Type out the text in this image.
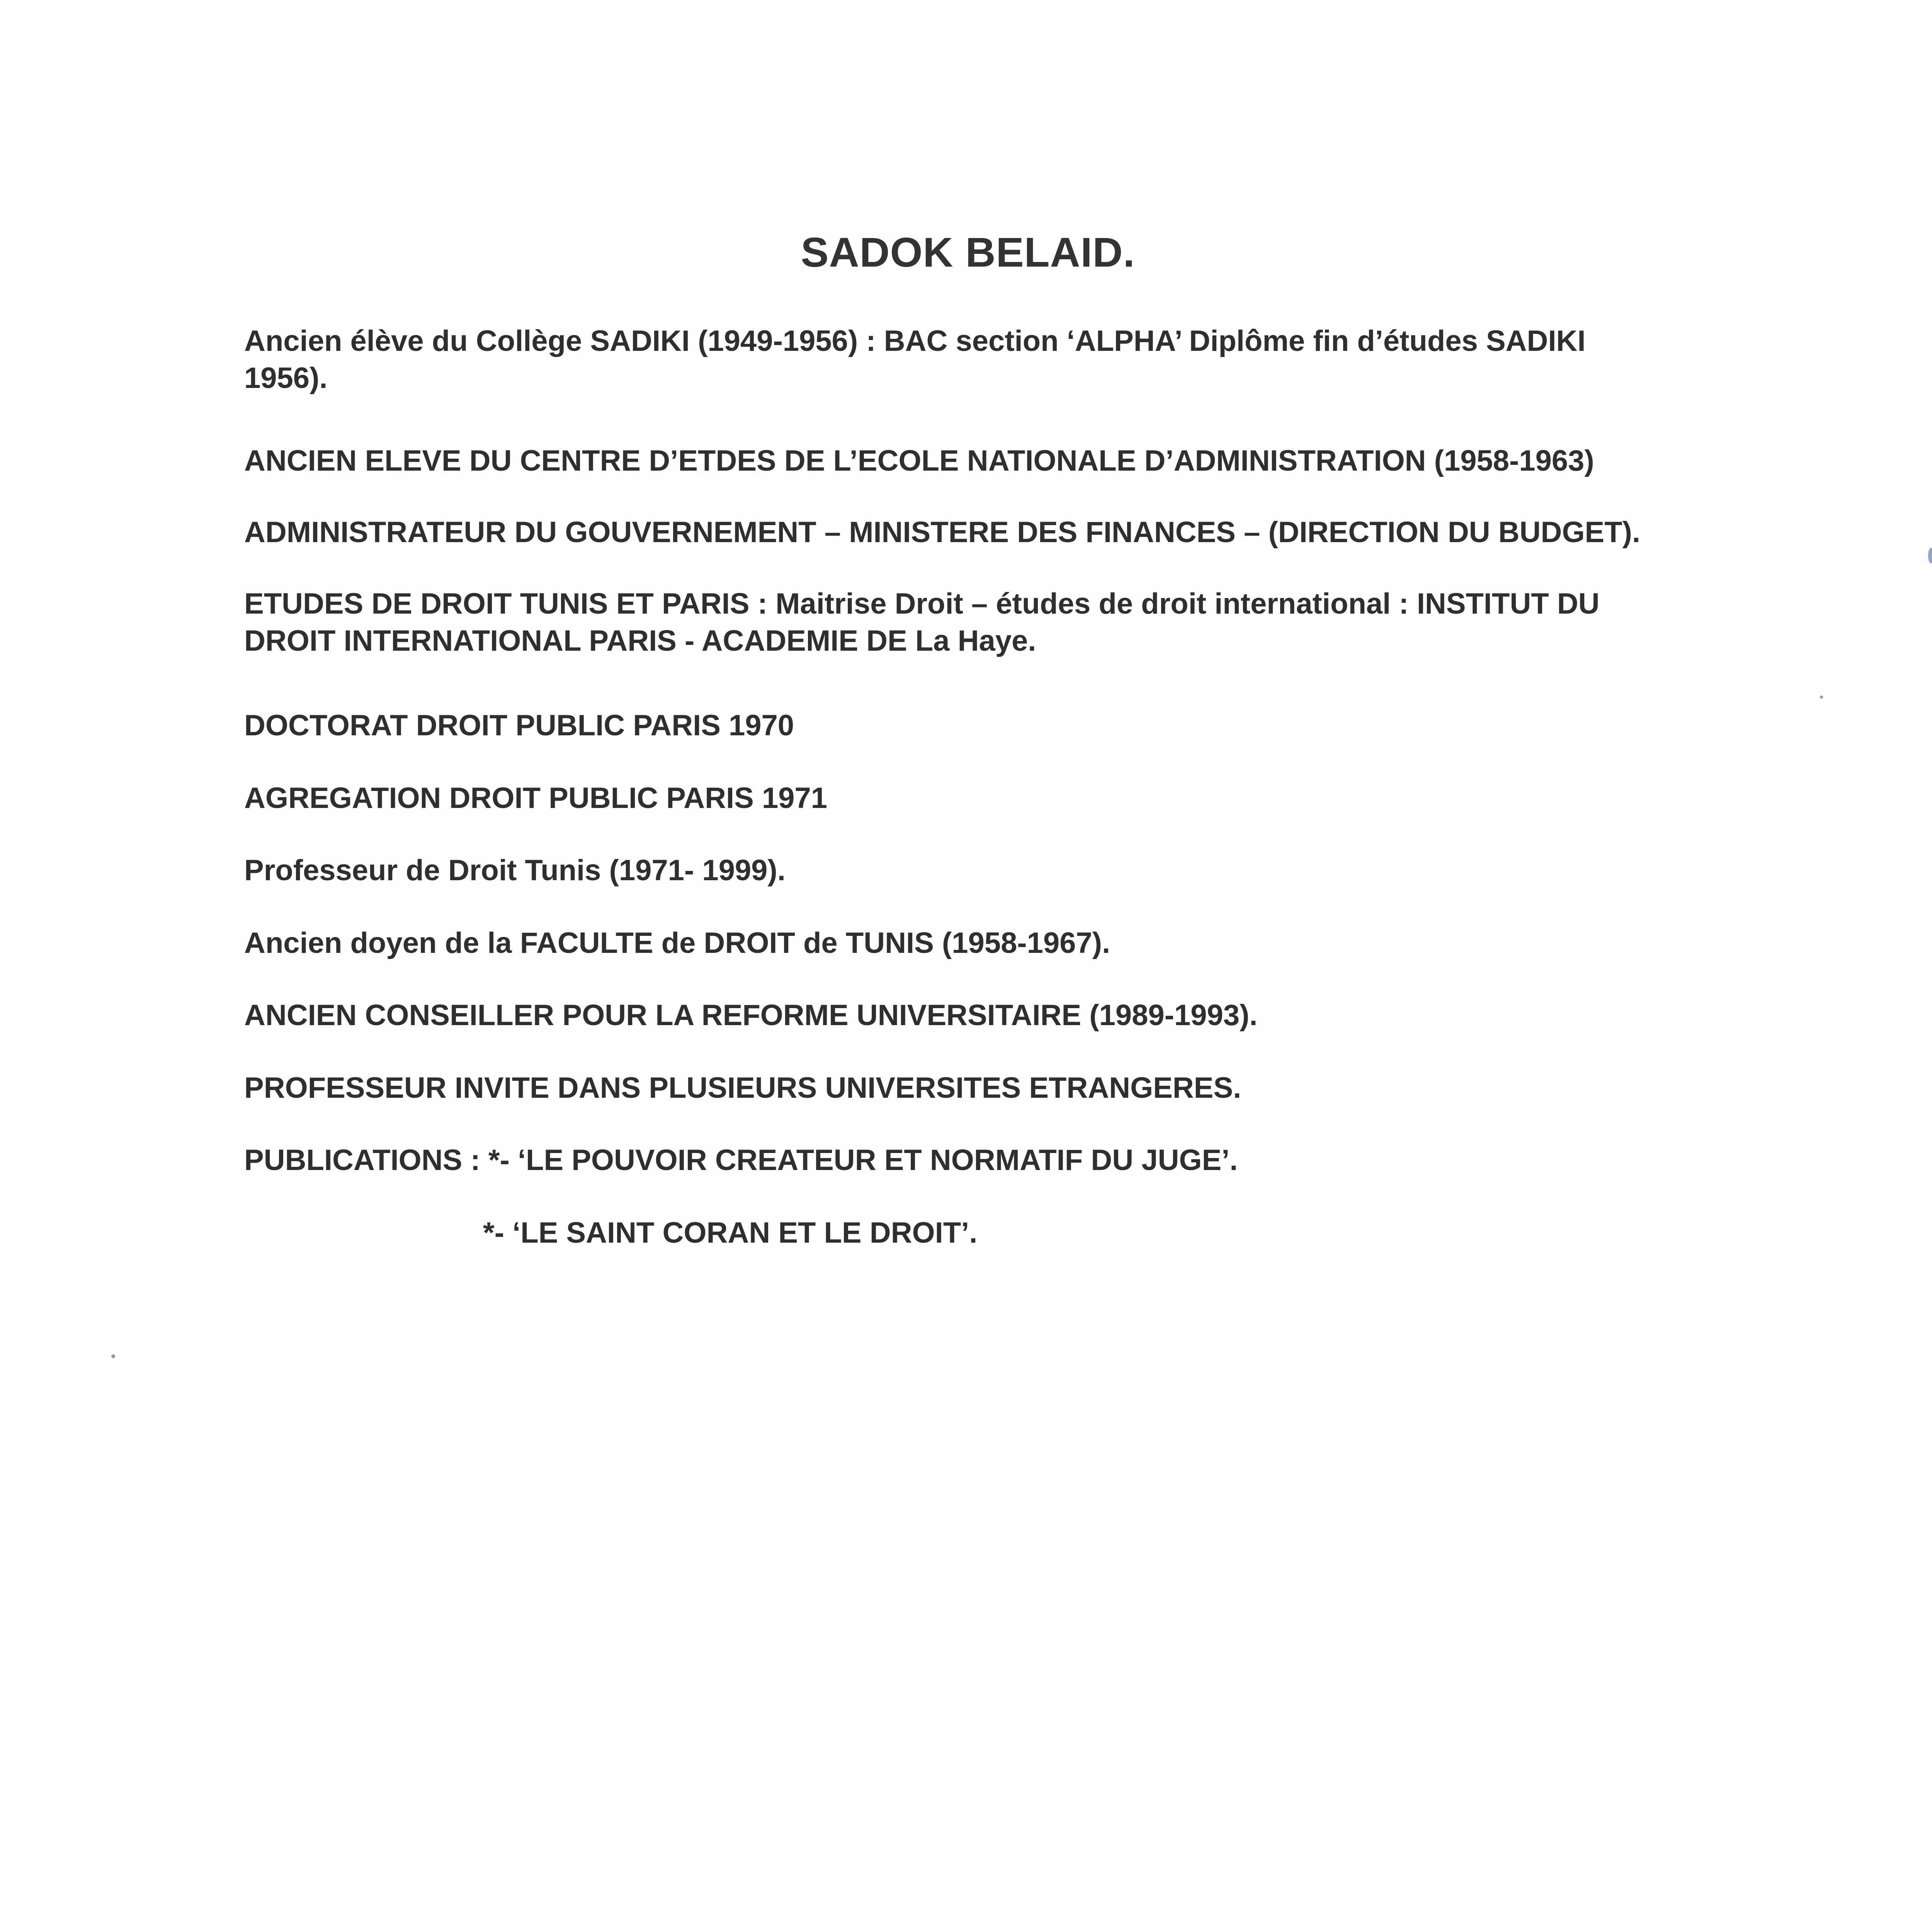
SADOK BELAID.
Ancien élève du Collège SADIKI (1949-1956) : BAC section ‘ALPHA’ Diplôme fin d’études SADIKI
1956).
ANCIEN ELEVE DU CENTRE D’ETDES DE L’ECOLE NATIONALE D’ADMINISTRATION (1958-1963)
ADMINISTRATEUR DU GOUVERNEMENT – MINISTERE DES FINANCES – (DIRECTION DU BUDGET).
ETUDES DE DROIT TUNIS ET PARIS : Maitrise Droit – études de droit international : INSTITUT DU
DROIT INTERNATIONAL PARIS - ACADEMIE DE La Haye.
DOCTORAT DROIT PUBLIC PARIS 1970
AGREGATION DROIT PUBLIC PARIS 1971
Professeur de Droit Tunis (1971- 1999).
Ancien doyen de la FACULTE de DROIT de TUNIS (1958-1967).
ANCIEN CONSEILLER POUR LA REFORME UNIVERSITAIRE (1989-1993).
PROFESSEUR INVITE DANS PLUSIEURS UNIVERSITES ETRANGERES.
PUBLICATIONS : *- ‘LE POUVOIR CREATEUR ET NORMATIF DU JUGE’.
*- ‘LE SAINT CORAN ET LE DROIT’.
